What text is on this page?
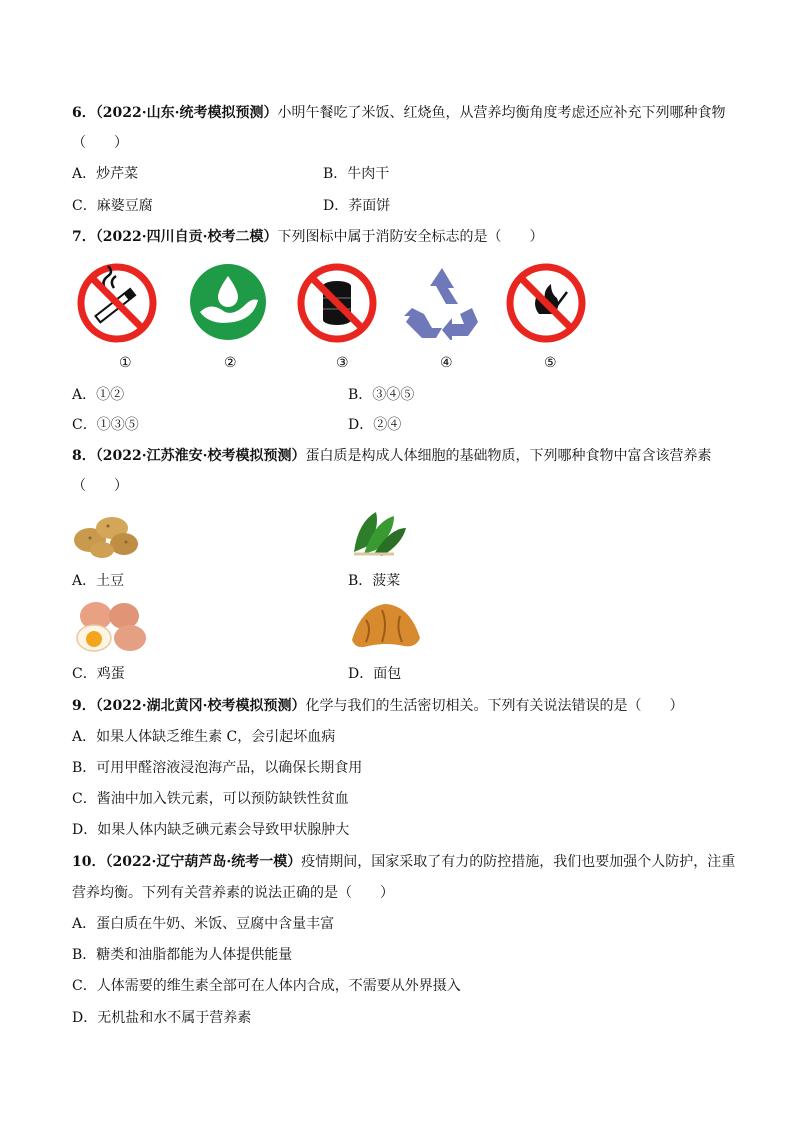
6．（2022·山东·统考模拟预测）小明午餐吃了米饭、红烧鱼，从营养均衡角度考虑还应补充下列哪种食物
（　　）
A．炒芹菜	B．牛肉干
C．麻婆豆腐	D．荞面饼
7．（2022·四川自贡·校考二模）下列图标中属于消防安全标志的是（　　）
①	②	③	④	⑤
A．①②	B．③④⑤
C．①③⑤	D．②④
8．（2022·江苏淮安·校考模拟预测）蛋白质是构成人体细胞的基础物质，下列哪种食物中富含该营养素
（　　）
A．土豆	B．菠菜
C．鸡蛋	D．面包
9．（2022·湖北黄冈·校考模拟预测）化学与我们的生活密切相关。下列有关说法错误的是（　　）
A．如果人体缺乏维生素 C，会引起坏血病
B．可用甲醛溶液浸泡海产品，以确保长期食用
C．酱油中加入铁元素，可以预防缺铁性贫血
D．如果人体内缺乏碘元素会导致甲状腺肿大
10．（2022·辽宁葫芦岛·统考一模）疫情期间，国家采取了有力的防控措施，我们也要加强个人防护，注重
营养均衡。下列有关营养素的说法正确的是（　　）
A．蛋白质在牛奶、米饭、豆腐中含量丰富
B．糖类和油脂都能为人体提供能量
C．人体需要的维生素全部可在人体内合成，不需要从外界摄入
D．无机盐和水不属于营养素
